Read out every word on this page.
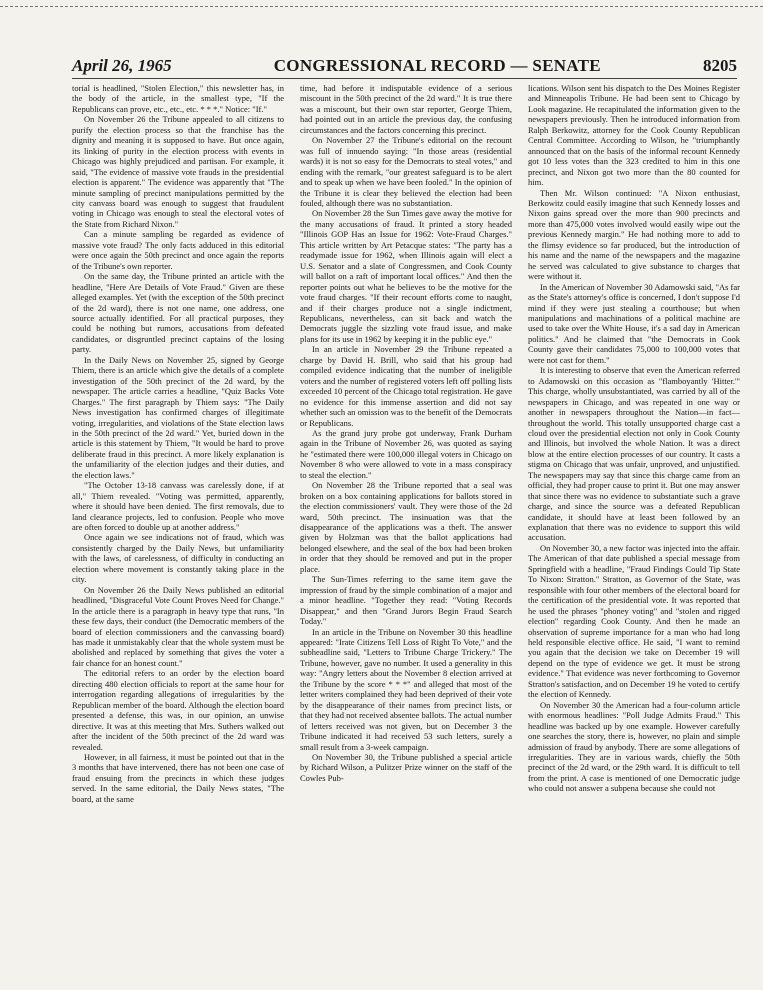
April 26, 1965	CONGRESSIONAL RECORD — SENATE	8205

torial is headlined, "Stolen Election," this newsletter has, in the body of the article, in the smallest type, "If the Republicans can prove, etc., etc., etc. * * *." Notice: "If."

On November 26 the Tribune appealed to all citizens to purify the election process so that the franchise has the dignity and meaning it is supposed to have. But once again, its linking of purity in the election process with events in Chicago was highly prejudiced and partisan. For example, it said, "The evidence of massive vote frauds in the presidential election is apparent." The evidence was apparently that "The minute sampling of precinct manipulations permitted by the city canvass board was enough to suggest that fraudulent voting in Chicago was enough to steal the electoral votes of the State from Richard Nixon."

Can a minute sampling be regarded as evidence of massive vote fraud? The only facts adduced in this editorial were once again the 50th precinct and once again the reports of the Tribune's own reporter.

On the same day, the Tribune printed an article with the headline, "Here Are Details of Vote Fraud." Given are these alleged examples. Yet (with the exception of the 50th precinct of the 2d ward), there is not one name, one address, one source actually identified. For all practical purposes, they could be nothing but rumors, accusations from defeated candidates, or disgruntled precinct captains of the losing party.

In the Daily News on November 25, signed by George Thiem, there is an article which give the details of a complete investigation of the 50th precinct of the 2d ward, by the newspaper. The article carries a headline, "Quiz Backs Vote Charges." The first paragraph by Thiem says: "The Daily News investigation has confirmed charges of illegitimate voting, irregularities, and violations of the State election laws in the 50th precinct of the 2d ward." Yet, buried down in the article is this statement by Thiem, "It would be hard to prove deliberate fraud in this precinct. A more likely explanation is the unfamiliarity of the election judges and their duties, and the election laws."

"The October 13-18 canvass was carelessly done, if at all," Thiem revealed. "Voting was permitted, apparently, where it should have been denied. The first removals, due to land clearance projects, led to confusion. People who move are often forced to double up at another address."

Once again we see indications not of fraud, which was consistently charged by the Daily News, but unfamiliarity with the laws, of carelessness, of difficulty in conducting an election where movement is constantly taking place in the city.

On November 26 the Daily News published an editorial headlined, "Disgraceful Vote Count Proves Need for Change." In the article there is a paragraph in heavy type that runs, "In these few days, their conduct (the Democratic members of the board of election commissioners and the canvassing board) has made it unmistakably clear that the whole system must be abolished and replaced by something that gives the voter a fair chance for an honest count."

The editorial refers to an order by the election board directing 480 election officials to report at the same hour for interrogation regarding allegations of irregularities by the Republican member of the board. Although the election board presented a defense, this was, in our opinion, an unwise directive. It was at this meeting that Mrs. Suthers walked out after the incident of the 50th precinct of the 2d ward was revealed.

However, in all fairness, it must be pointed out that in the 3 months that have intervened, there has not been one case of fraud ensuing from the precincts in which these judges served. In the same editorial, the Daily News states, "The board, at the same

time, had before it indisputable evidence of a serious miscount in the 50th precinct of the 2d ward." It is true there was a miscount, but their own star reporter, George Thiem, had pointed out in an article the previous day, the confusing circumstances and the factors concerning this precinct.

On November 27 the Tribune's editorial on the recount was full of innuendo saying: "In those areas (residential wards) it is not so easy for the Democrats to steal votes," and ending with the remark, "our greatest safeguard is to be alert and to speak up when we have been fooled." In the opinion of the Tribune it is clear they believed the election had been fouled, although there was no substantiation.

On November 28 the Sun Times gave away the motive for the many accusations of fraud. It printed a story headed "Illinois GOP Has an Issue for 1962: Vote-Fraud Charges." This article written by Art Petacque states: "The party has a readymade issue for 1962, when Illinois again will elect a U.S. Senator and a slate of Congressmen, and Cook County will ballot on a raft of important local offices." And then the reporter points out what he believes to be the motive for the vote fraud charges. "If their recount efforts come to naught, and if their charges produce not a single indictment, Republicans, nevertheless, can sit back and watch the Democrats juggle the sizzling vote fraud issue, and make plans for its use in 1962 by keeping it in the public eye."

In an article in November 29 the Tribune repeated a charge by David H. Brill, who said that his group had compiled evidence indicating that the number of ineligible voters and the number of registered voters left off polling lists exceeded 10 percent of the Chicago total registration. He gave no evidence for this immense assertion and did not say whether such an omission was to the benefit of the Democrats or Republicans.

As the grand jury probe got underway, Frank Durham again in the Tribune of November 26, was quoted as saying he "estimated there were 100,000 illegal voters in Chicago on November 8 who were allowed to vote in a mass conspiracy to steal the election."

On November 28 the Tribune reported that a seal was broken on a box containing applications for ballots stored in the election commissioners' vault. They were those of the 2d ward, 50th precinct. The insinuation was that the disappearance of the applications was a theft. The answer given by Holzman was that the ballot applications had belonged elsewhere, and the seal of the box had been broken in order that they should be removed and put in the proper place.

The Sun-Times referring to the same item gave the impression of fraud by the simple combination of a major and a minor headline. "Together they read: "Voting Records Disappear," and then "Grand Jurors Begin Fraud Search Today."

In an article in the Tribune on November 30 this headline appeared: "Irate Citizens Tell Loss of Right To Vote," and the subheadline said, "Letters to Tribune Charge Trickery." The Tribune, however, gave no number. It used a generality in this way: "Angry letters about the November 8 election arrived at the Tribune by the score * * *" and alleged that most of the letter writers complained they had been deprived of their vote by the disappearance of their names from precinct lists, or that they had not received absentee ballots. The actual number of letters received was not given, but on December 3 the Tribune indicated it had received 53 such letters, surely a small result from a 3-week campaign.

On November 30, the Tribune published a special article by Richard Wilson, a Pulitzer Prize winner on the staff of the Cowles Pub-

lications. Wilson sent his dispatch to the Des Moines Register and Minneapolis Tribune. He had been sent to Chicago by Look magazine. He recapitulated the information given to the newspapers previously. Then he introduced information from Ralph Berkowitz, attorney for the Cook County Republican Central Committee. According to Wilson, he "triumphantly announced that on the basis of the informal recount Kennedy got 10 less votes than the 323 credited to him in this one precinct, and Nixon got two more than the 80 counted for him.

Then Mr. Wilson continued: "A Nixon enthusiast, Berkowitz could easily imagine that such Kennedy losses and Nixon gains spread over the more than 900 precincts and more than 475,000 votes involved would easily wipe out the previous Kennedy margin." He had nothing more to add to the flimsy evidence so far produced, but the introduction of his name and the name of the newspapers and the magazine he served was calculated to give substance to charges that were without it.

In the American of November 30 Adamowski said, "As far as the State's attorney's office is concerned, I don't suppose I'd mind if they were just stealing a courthouse; but when manipulations and machinations of a political machine are used to take over the White House, it's a sad day in American politics." And he claimed that "the Democrats in Cook County gave their candidates 75,000 to 100,000 votes that were not cast for them."

It is interesting to observe that even the American referred to Adamowski on this occasion as "flamboyantly 'Hitter.'" This charge, wholly unsubstantiated, was carried by all of the newspapers in Chicago, and was repeated in one way or another in newspapers throughout the Nation—in fact—throughout the world. This totally unsupported charge cast a cloud over the presidential election not only in Cook County and Illinois, but involved the whole Nation. It was a direct blow at the entire election processes of our country. It casts a stigma on Chicago that was unfair, unproved, and unjustified. The newspapers may say that since this charge came from an official, they had proper cause to print it. But one may answer that since there was no evidence to substantiate such a grave charge, and since the source was a defeated Republican candidate, it should have at least been followed by an explanation that there was no evidence to support this wild accusation.

On November 30, a new factor was injected into the affair. The American of that date published a special message from Springfield with a headline, "Fraud Findings Could Tip State To Nixon: Stratton." Stratton, as Governor of the State, was responsible with four other members of the electoral board for the certification of the presidential vote. It was reported that he used the phrases "phoney voting" and "stolen and rigged election" regarding Cook County. And then he made an observation of supreme importance for a man who had long held responsible elective office. He said, "I want to remind you again that the decision we take on December 19 will depend on the type of evidence we get. It must be strong evidence." That evidence was never forthcoming to Governor Stratton's satisfaction, and on December 19 he voted to certify the election of Kennedy.

On November 30 the American had a four-column article with enormous headlines: "Poll Judge Admits Fraud." This headline was backed up by one example. However carefully one searches the story, there is, however, no plain and simple admission of fraud by anybody. There are some allegations of irregularities. They are in various wards, chiefly the 50th precinct of the 2d ward, or the 29th ward. It is difficult to tell from the print. A case is mentioned of one Democratic judge who could not answer a subpena because she could not
